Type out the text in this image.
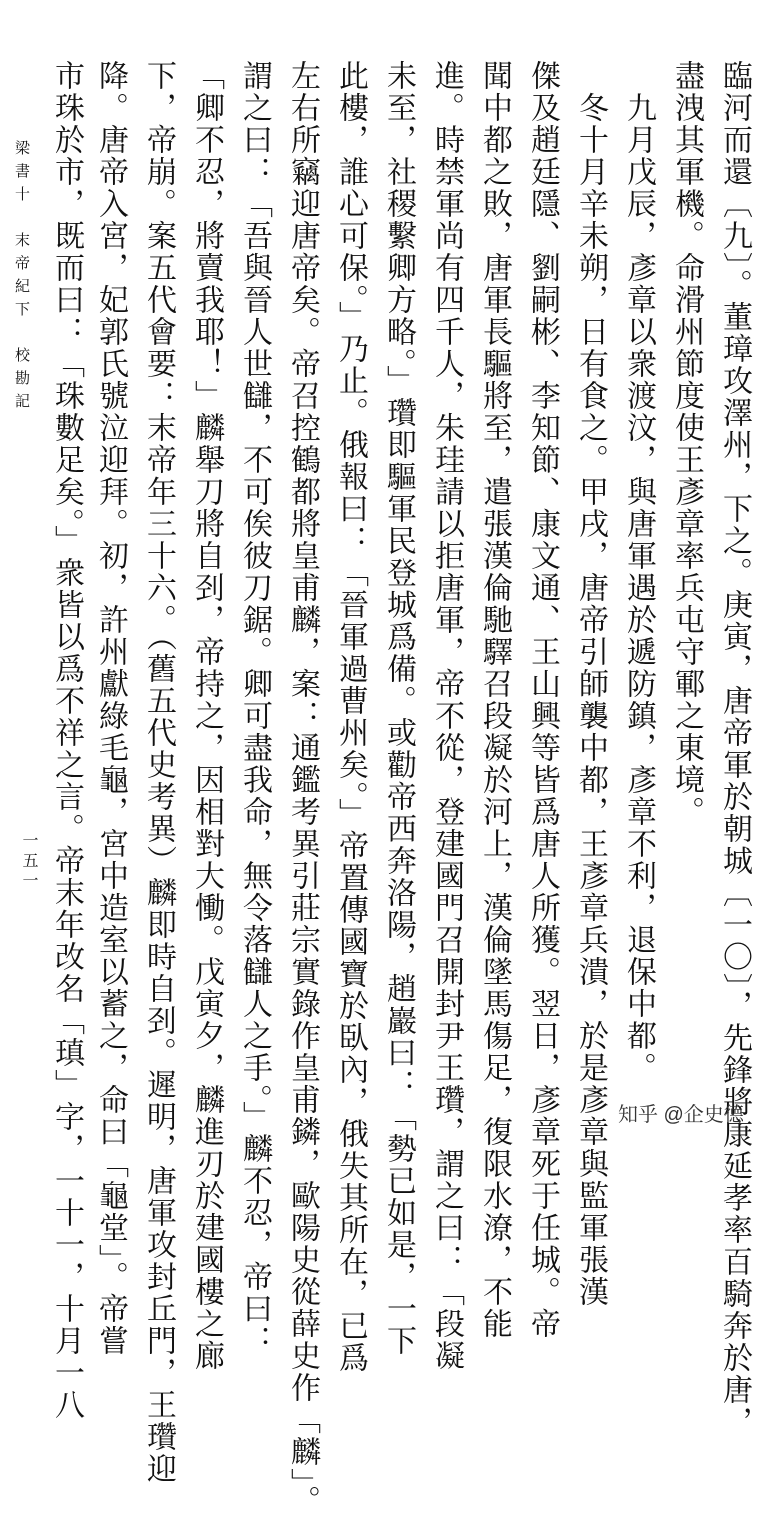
臨河而還〔九〕。董璋攻澤州，下之。庚寅，唐帝軍於朝城〔一〇〕，先鋒將康延孝率百騎奔於唐，
盡洩其軍機。命滑州節度使王彥章率兵屯守鄆之東境。
九月戊辰，彥章以衆渡汶，與唐軍遇於遞防鎮，彥章不利，退保中都。
冬十月辛未朔，日有食之。甲戌，唐帝引師襲中都，王彥章兵潰，於是彥章與監軍張漢
傑及趙廷隱、劉嗣彬、李知節、康文通、王山興等皆爲唐人所獲。翌日，彥章死于任城。帝
聞中都之敗，唐軍長驅將至，遣張漢倫馳驛召段凝於河上，漢倫墜馬傷足，復限水潦，不能
進。時禁軍尚有四千人，朱珪請以拒唐軍，帝不從，登建國門召開封尹王瓚，謂之曰：「段凝
未至，社稷繫卿方略。」瓚即驅軍民登城爲備。或勸帝西奔洛陽，趙巖曰：「勢已如是，一下
此樓，誰心可保。」乃止。俄報曰：「晉軍過曹州矣。」帝置傳國寶於臥內，俄失其所在，已爲
左右所竊迎唐帝矣。帝召控鶴都將皇甫麟，案：通鑑考異引莊宗實錄作皇甫鏻，歐陽史從薛史作「麟」。
謂之曰：「吾與晉人世讎，不可俟彼刀鋸。卿可盡我命，無令落讎人之手。」麟不忍，帝曰：
「卿不忍，將賣我耶！」麟舉刀將自刭，帝持之，因相對大慟。戊寅夕，麟進刃於建國樓之廊
下，帝崩。案五代會要：末帝年三十六。（舊五代史考異）麟即時自刭。遲明，唐軍攻封丘門，王瓚迎
降。唐帝入宮，妃郭氏號泣迎拜。初，許州獻綠毛龜，宮中造室以蓄之，命曰「龜堂」。帝嘗
市珠於市，既而曰：「珠數足矣。」衆皆以爲不祥之言。帝末年改名「瑱」字，一十一，十月一八
梁書十　末帝紀下　校勘記
一五一
知乎 @企史德
